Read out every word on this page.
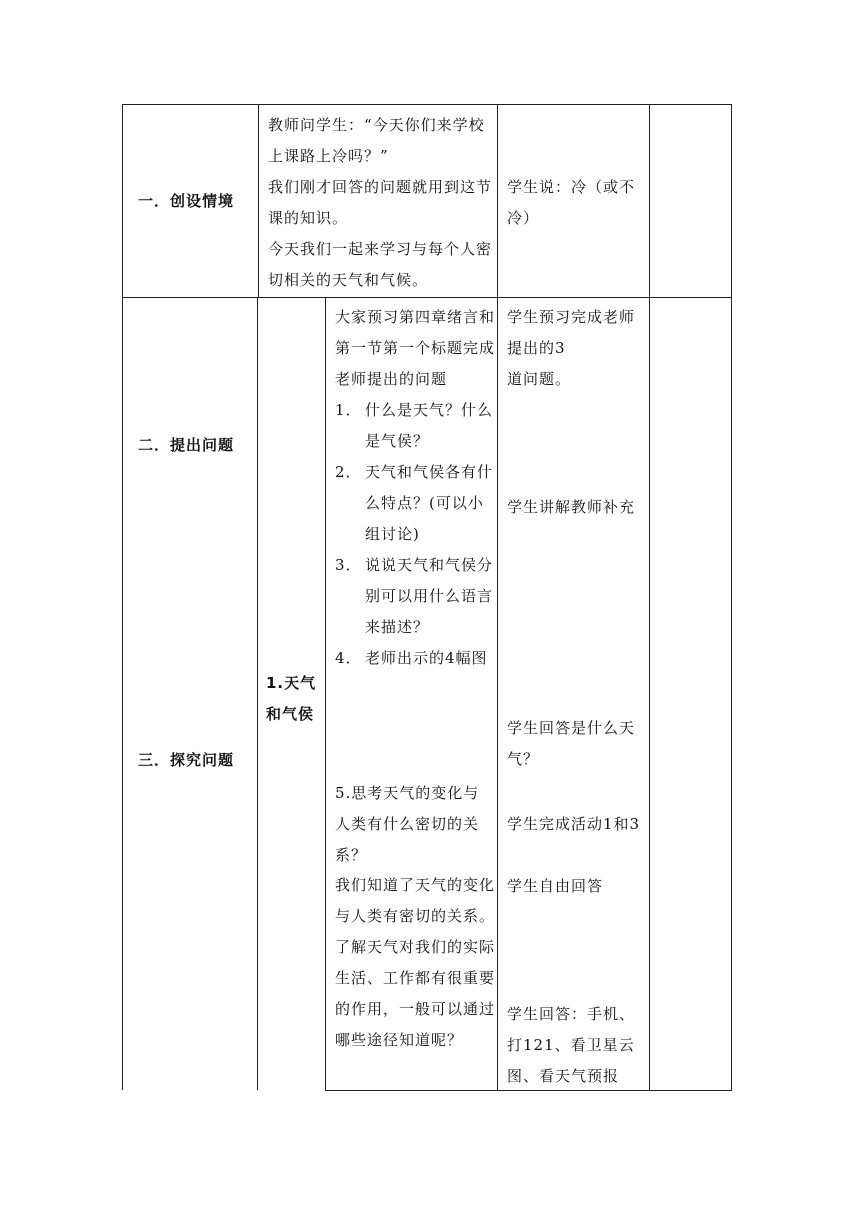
一．创设情境

教师问学生：“今天你们来学校上课路上冷吗？”

我们刚才回答的问题就用到这节课的知识。

今天我们一起来学习与每个人密切相关的天气和气候。

学生说：冷（或不冷）
二．提出问题
三．探究问题
1.天气和气侯

大家预习第四章绪言和第一节第一个标题完成老师提出的问题

1． 什么是天气？什么是气侯？
2． 天气和气侯各有什么特点？(可以小组讨论)
3． 说说天气和气侯分别可以用什么语言来描述？
4． 老师出示的4幅图
5.思考天气的变化与人类有什么密切的关系？
我们知道了天气的变化与人类有密切的关系。了解天气对我们的实际生活、工作都有很重要的作用，一般可以通过哪些途径知道呢？

学生预习完成老师提出的3

道问题。

学生讲解教师补充
学生回答是什么天气？
学生完成活动1和3
学生自由回答
学生回答：手机、打121、看卫星云图、看天气预报
